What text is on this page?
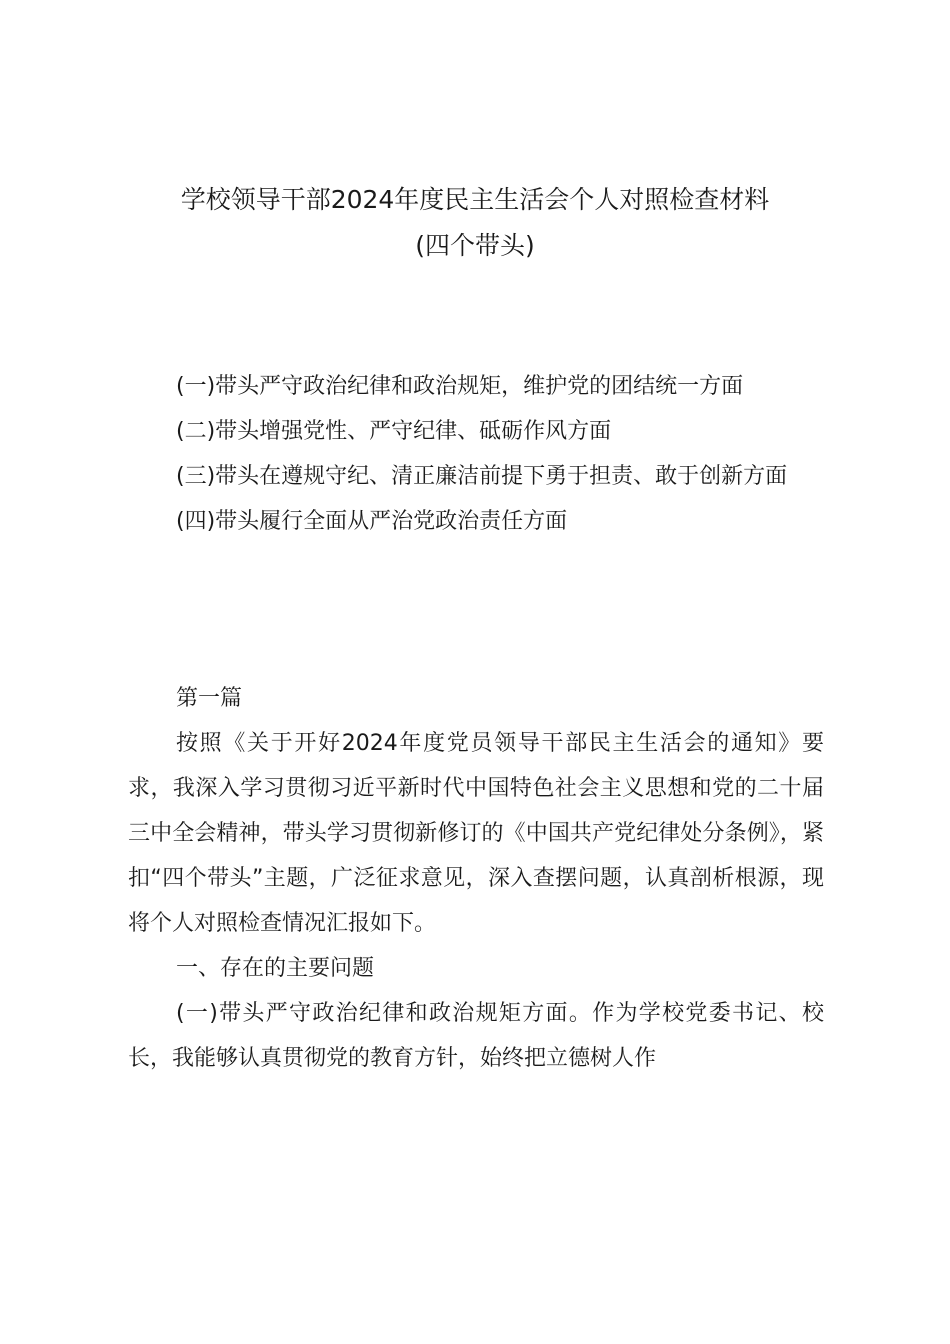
学校领导干部2024年度民主生活会个人对照检查材料
(四个带头)
(一)带头严守政治纪律和政治规矩，维护党的团结统一方面
(二)带头增强党性、严守纪律、砥砺作风方面
(三)带头在遵规守纪、清正廉洁前提下勇于担责、敢于创新方面
(四)带头履行全面从严治党政治责任方面

第一篇

按照《关于开好2024年度党员领导干部民主生活会的通知》要求，我深入学习贯彻习近平新时代中国特色社会主义思想和党的二十届三中全会精神，带头学习贯彻新修订的《中国共产党纪律处分条例》，紧扣“四个带头”主题，广泛征求意见，深入查摆问题，认真剖析根源，现将个人对照检查情况汇报如下。

一、存在的主要问题

(一)带头严守政治纪律和政治规矩方面。作为学校党委书记、校长，我能够认真贯彻党的教育方针，始终把立德树人作
